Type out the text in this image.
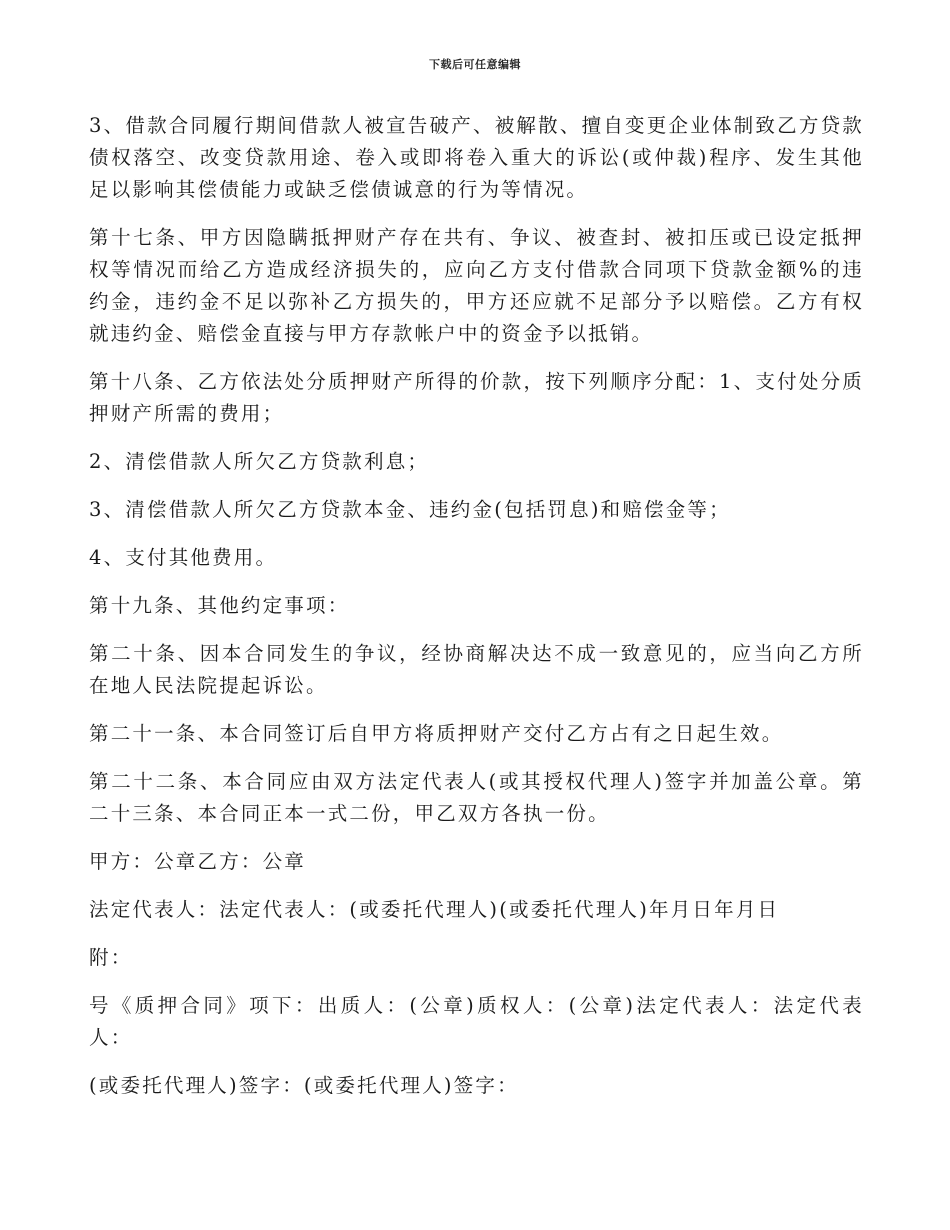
下载后可任意编辑

3、借款合同履行期间借款人被宣告破产、被解散、擅自变更企业体制致乙方贷款债权落空、改变贷款用途、卷入或即将卷入重大的诉讼(或仲裁)程序、发生其他足以影响其偿债能力或缺乏偿债诚意的行为等情况。

第十七条、甲方因隐瞒抵押财产存在共有、争议、被查封、被扣压或已设定抵押权等情况而给乙方造成经济损失的，应向乙方支付借款合同项下贷款金额%的违约金，违约金不足以弥补乙方损失的，甲方还应就不足部分予以赔偿。乙方有权就违约金、赔偿金直接与甲方存款帐户中的资金予以抵销。

第十八条、乙方依法处分质押财产所得的价款，按下列顺序分配：1、支付处分质押财产所需的费用；

2、清偿借款人所欠乙方贷款利息；

3、清偿借款人所欠乙方贷款本金、违约金(包括罚息)和赔偿金等；

4、支付其他费用。

第十九条、其他约定事项：

第二十条、因本合同发生的争议，经协商解决达不成一致意见的，应当向乙方所在地人民法院提起诉讼。

第二十一条、本合同签订后自甲方将质押财产交付乙方占有之日起生效。

第二十二条、本合同应由双方法定代表人(或其授权代理人)签字并加盖公章。第二十三条、本合同正本一式二份，甲乙双方各执一份。

甲方：公章乙方：公章

法定代表人：法定代表人：(或委托代理人)(或委托代理人)年月日年月日

附：

号《质押合同》项下：出质人：(公章)质权人：(公章)法定代表人：法定代表人：

(或委托代理人)签字：(或委托代理人)签字：
